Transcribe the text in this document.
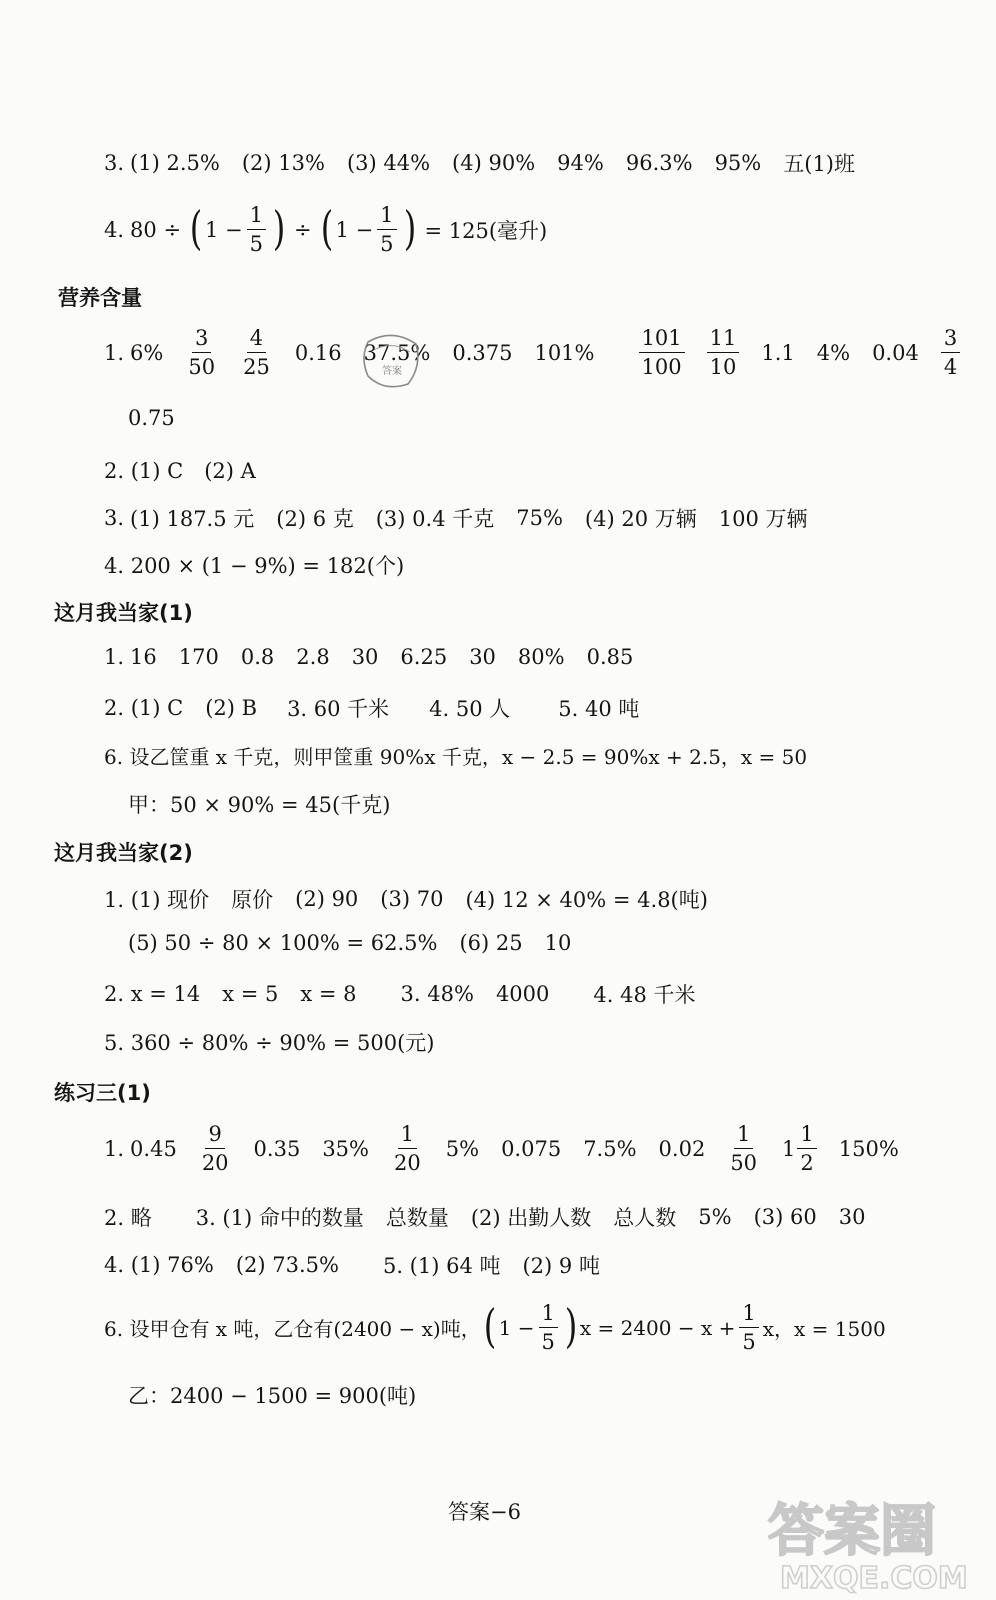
3. (1) 2.5% (2) 13% (3) 44% (4) 90% 94% 96.3% 95% 五(1)班
4. 80 ÷ ( $1 - \frac{1}{5}$ ) ÷ ( $1 - \frac{1}{5}$ ) = 125(毫升)
营养含量
1. $6\% \frac{3}{50} \frac{4}{25} 0.16$ 37.5% 0.375 $101\% \frac{101}{100} \frac{11}{10} 1.1$ 4% $0.04 \frac{3}{4}$
答案
0.75
2. (1) C　(2) A
3. (1) 187.5 元 (2) 6 克 (3) 0.4 千克 75% (4) 20 万辆 100 万辆
4. 200 × (1 − 9%) = 182(个)
这月我当家(1)
1. 16 170 0.8 2.8 30 6.25 30 80% 0.85
2. (1) C (2) B 3. 60 千米 4. 50 人 5. 40 吨
6. 设乙筐重 x 千克，则甲筐重 90%x 千克，x − 2.5 = 90%x + 2.5，x = 50
甲：50 × 90% = 45(千克)
这月我当家(2)
1. (1) 现价 原价 (2) 90 (3) 70 (4) 12 × 40% = 4.8(吨)
(5) 50 ÷ 80 × 100% = 62.5% (6) 25 10
2. x = 14 x = 5 x = 8 3. 48% 4000 4. 48 千米
5. 360 ÷ 80% ÷ 90% = 500(元)
练习三(1)
1. $0.45 \frac{9}{20} 0.35$ $35\% \frac{1}{20} 5\%$ 0.075 7.5% $0.02 \frac{1}{50} 1 \frac{1}{2} 150\%$
2. 略 3. (1) 命中的数量 总数量 (2) 出勤人数 总人数 5% (3) 60 30
4. (1) 76% (2) 73.5% 5. (1) 64 吨 (2) 9 吨
6. 设甲仓有 x 吨，乙仓有(2400 − x)吨， ( $1 - \frac{1}{5}$ ) $x = 2400 - x + \frac{1}{5}$ x，x = 1500
乙：2400 − 1500 = 900(吨)
答案−6	答案圈
MXQE.COM
